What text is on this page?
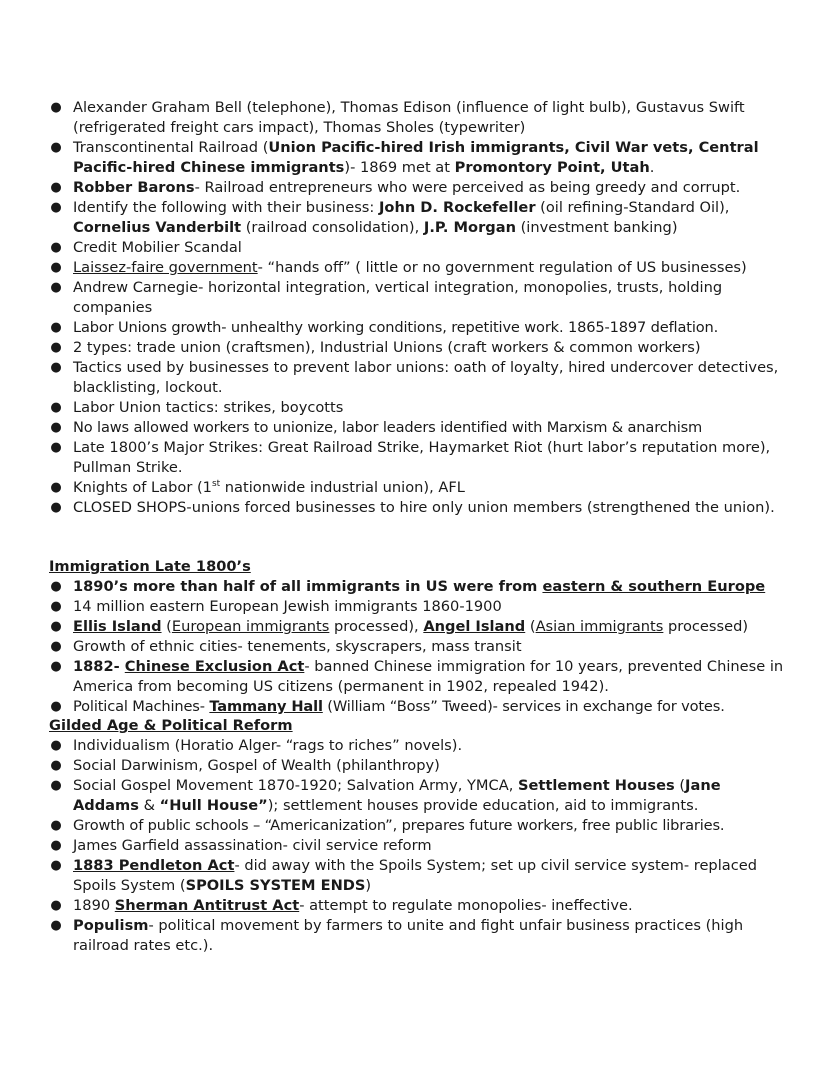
● Alexander Graham Bell (telephone), Thomas Edison (influence of light bulb), Gustavus Swift (refrigerated freight cars impact), Thomas Sholes (typewriter)
● Transcontinental Railroad (Union Pacific-hired Irish immigrants, Civil War vets, Central Pacific-hired Chinese immigrants)- 1869 met at Promontory Point, Utah.
● Robber Barons- Railroad entrepreneurs who were perceived as being greedy and corrupt.
● Identify the following with their business: John D. Rockefeller (oil refining-Standard Oil), Cornelius Vanderbilt (railroad consolidation), J.P. Morgan (investment banking)
● Credit Mobilier Scandal
● Laissez-faire government- “hands off” ( little or no government regulation of US businesses)
● Andrew Carnegie- horizontal integration, vertical integration, monopolies, trusts, holding companies
● Labor Unions growth- unhealthy working conditions, repetitive work. 1865-1897 deflation.
● 2 types: trade union (craftsmen), Industrial Unions (craft workers & common workers)
● Tactics used by businesses to prevent labor unions: oath of loyalty, hired undercover detectives, blacklisting, lockout.
● Labor Union tactics: strikes, boycotts
● No laws allowed workers to unionize, labor leaders identified with Marxism & anarchism
● Late 1800’s Major Strikes: Great Railroad Strike, Haymarket Riot (hurt labor’s reputation more), Pullman Strike.
● Knights of Labor (1st nationwide industrial union), AFL
● CLOSED SHOPS-unions forced businesses to hire only union members (strengthened the union).
Immigration Late 1800’s
● 1890’s more than half of all immigrants in US were from eastern & southern Europe
● 14 million eastern European Jewish immigrants 1860-1900
● Ellis Island (European immigrants processed), Angel Island (Asian immigrants processed)
● Growth of ethnic cities- tenements, skyscrapers, mass transit
● 1882- Chinese Exclusion Act- banned Chinese immigration for 10 years, prevented Chinese in America from becoming US citizens (permanent in 1902, repealed 1942).
● Political Machines- Tammany Hall (William “Boss” Tweed)- services in exchange for votes.
Gilded Age & Political Reform
● Individualism (Horatio Alger- “rags to riches” novels).
● Social Darwinism, Gospel of Wealth (philanthropy)
● Social Gospel Movement 1870-1920; Salvation Army, YMCA, Settlement Houses (Jane Addams & “Hull House”); settlement houses provide education, aid to immigrants.
● Growth of public schools – “Americanization”, prepares future workers, free public libraries.
● James Garfield assassination- civil service reform
● 1883 Pendleton Act- did away with the Spoils System; set up civil service system- replaced Spoils System (SPOILS SYSTEM ENDS)
● 1890 Sherman Antitrust Act- attempt to regulate monopolies- ineffective.
● Populism- political movement by farmers to unite and fight unfair business practices (high railroad rates etc.).
